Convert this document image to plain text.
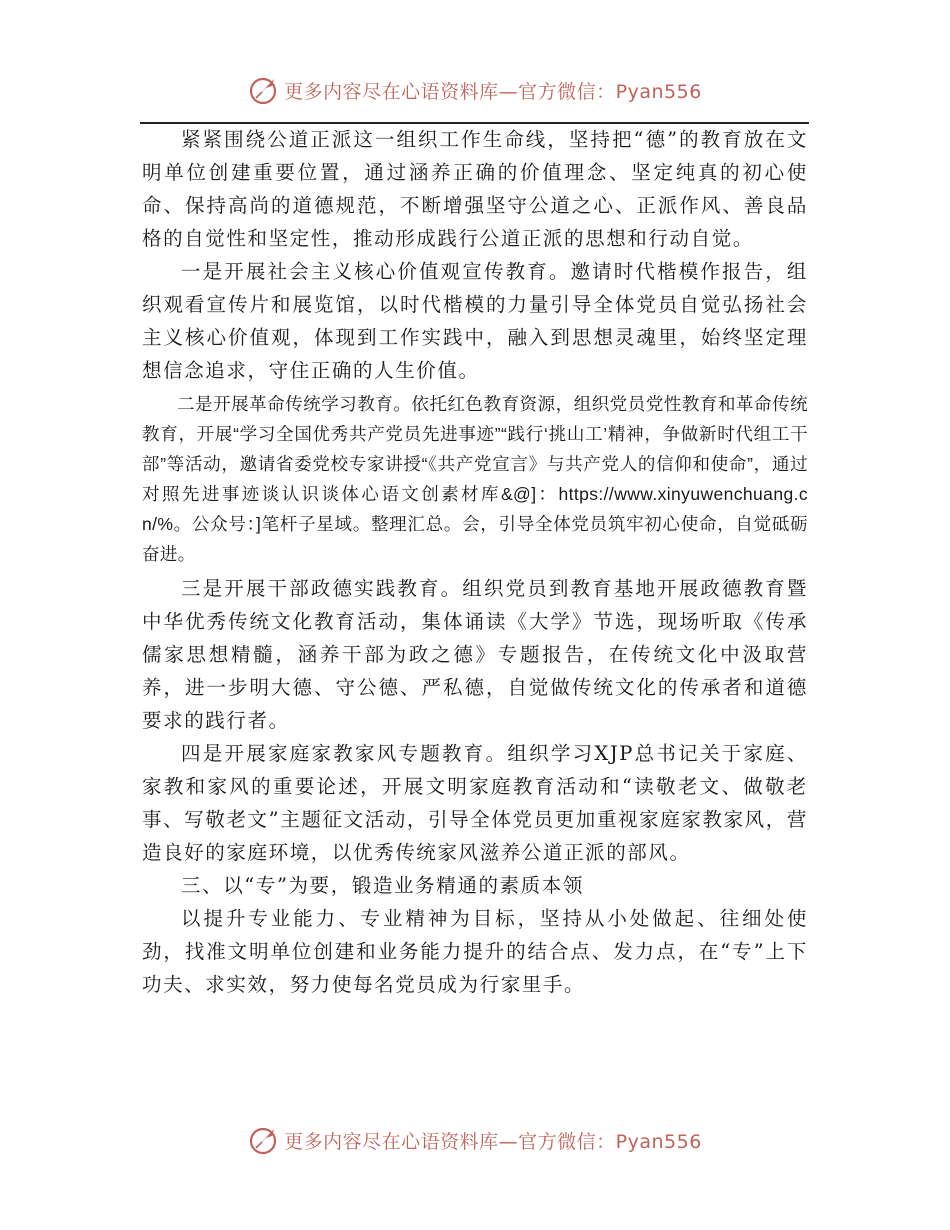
更多内容尽在心语资料库—官方微信：Pyan556

紧紧围绕公道正派这一组织工作生命线，坚持把“德”的教育放在文明单位创建重要位置，通过涵养正确的价值理念、坚定纯真的初心使命、保持高尚的道德规范，不断增强坚守公道之心、正派作风、善良品格的自觉性和坚定性，推动形成践行公道正派的思想和行动自觉。

一是开展社会主义核心价值观宣传教育。邀请时代楷模作报告，组织观看宣传片和展览馆，以时代楷模的力量引导全体党员自觉弘扬社会主义核心价值观，体现到工作实践中，融入到思想灵魂里，始终坚定理想信念追求，守住正确的人生价值。

二是开展革命传统学习教育。依托红色教育资源，组织党员党性教育和革命传统教育，开展“学习全国优秀共产党员先进事迹”“践行‘挑山工’精神，争做新时代组工干部”等活动，邀请省委党校专家讲授“《共产党宣言》与共产党人的信仰和使命”，通过对照先进事迹谈认识谈体心语文创素材库&@]：https://www.xinyuwenchuang.cn/%。公众号：]笔杆子星域。整理汇总。会，引导全体党员筑牢初心使命，自觉砥砺奋进。

三是开展干部政德实践教育。组织党员到教育基地开展政德教育暨中华优秀传统文化教育活动，集体诵读《大学》节选，现场听取《传承儒家思想精髓，涵养干部为政之德》专题报告，在传统文化中汲取营养，进一步明大德、守公德、严私德，自觉做传统文化的传承者和道德要求的践行者。

四是开展家庭家教家风专题教育。组织学习XJP总书记关于家庭、家教和家风的重要论述，开展文明家庭教育活动和“读敬老文、做敬老事、写敬老文”主题征文活动，引导全体党员更加重视家庭家教家风，营造良好的家庭环境，以优秀传统家风滋养公道正派的部风。

三、以“专”为要，锻造业务精通的素质本领

以提升专业能力、专业精神为目标，坚持从小处做起、往细处使劲，找准文明单位创建和业务能力提升的结合点、发力点，在“专”上下功夫、求实效，努力使每名党员成为行家里手。

更多内容尽在心语资料库—官方微信：Pyan556
